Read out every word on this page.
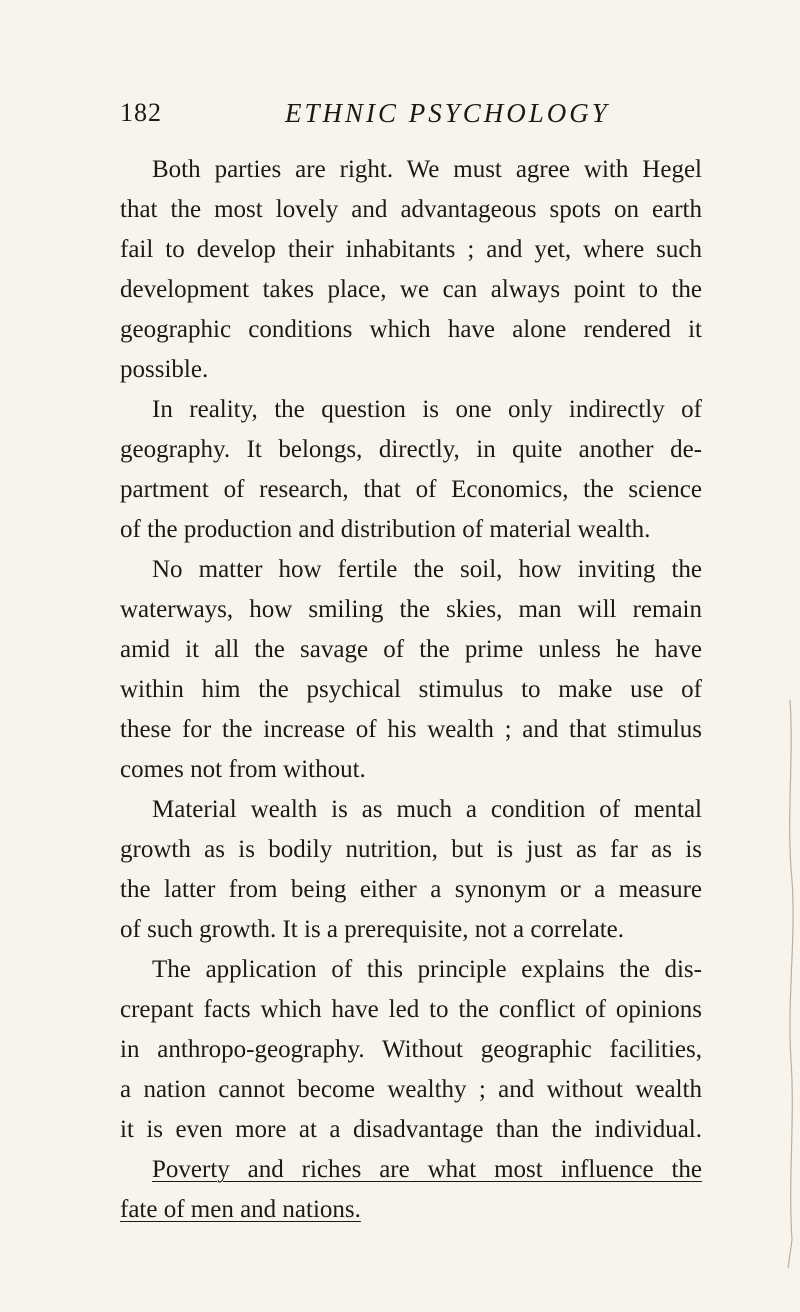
182	ETHNIC PSYCHOLOGY
Both parties are right. We must agree with Hegel
that the most lovely and advantageous spots on earth
fail to develop their inhabitants ; and yet, where such
development takes place, we can always point to the
geographic conditions which have alone rendered it
possible.
In reality, the question is one only indirectly of
geography. It belongs, directly, in quite another de-
partment of research, that of Economics, the science
of the production and distribution of material wealth.
No matter how fertile the soil, how inviting the
waterways, how smiling the skies, man will remain
amid it all the savage of the prime unless he have
within him the psychical stimulus to make use of
these for the increase of his wealth ; and that stimulus
comes not from without.
Material wealth is as much a condition of mental
growth as is bodily nutrition, but is just as far as is
the latter from being either a synonym or a measure
of such growth. It is a prerequisite, not a correlate.
The application of this principle explains the dis-
crepant facts which have led to the conflict of opinions
in anthropo-geography. Without geographic facilities,
a nation cannot become wealthy ; and without wealth
it is even more at a disadvantage than the individual.
Poverty and riches are what most influence the
fate of men and nations.
